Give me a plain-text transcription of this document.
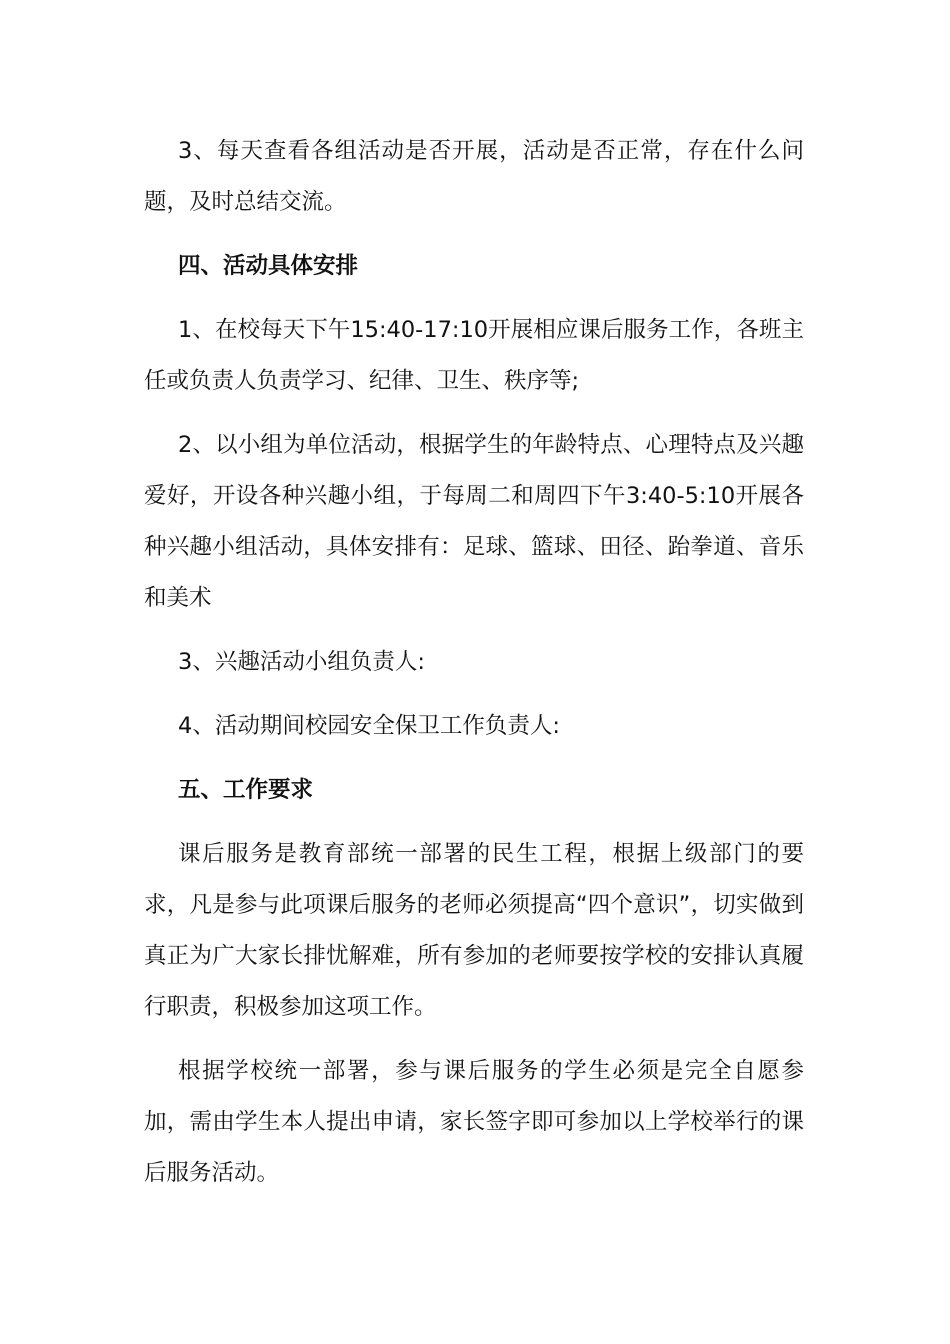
3、每天查看各组活动是否开展，活动是否正常，存在什么问题，及时总结交流。

四、活动具体安排

1、在校每天下午15:40-17:10开展相应课后服务工作，各班主任或负责人负责学习、纪律、卫生、秩序等;

2、以小组为单位活动，根据学生的年龄特点、心理特点及兴趣爱好，开设各种兴趣小组，于每周二和周四下午3:40-5:10开展各种兴趣小组活动，具体安排有：足球、篮球、田径、跆拳道、音乐和美术

3、兴趣活动小组负责人:

4、活动期间校园安全保卫工作负责人:

五、工作要求

课后服务是教育部统一部署的民生工程，根据上级部门的要求，凡是参与此项课后服务的老师必须提高“四个意识”，切实做到真正为广大家长排忧解难，所有参加的老师要按学校的安排认真履行职责，积极参加这项工作。

根据学校统一部署，参与课后服务的学生必须是完全自愿参加，需由学生本人提出申请，家长签字即可参加以上学校举行的课后服务活动。
